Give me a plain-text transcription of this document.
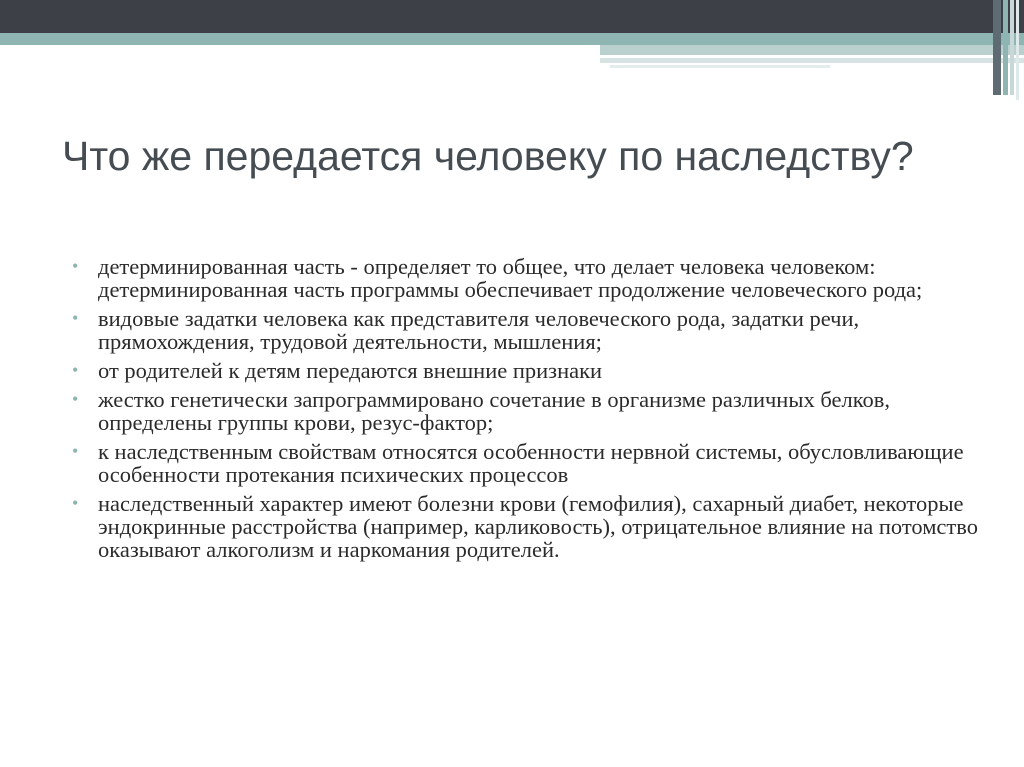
Что же передается человеку по наследству?
• детерминированная часть - определяет то общее, что делает человека человеком: детерминированная часть программы обеспечивает продолжение человеческого рода;
• видовые задатки человека как представителя человеческого рода, задатки речи, прямохождения, трудовой деятельности, мышления;
• от родителей к детям передаются внешние признаки
• жестко генетически запрограммировано сочетание в организме различных белков, определены группы крови, резус-фактор;
• к наследственным свойствам относятся особенности нервной системы, обусловливающие особенности протекания психических процессов
• наследственный характер имеют болезни крови (гемофилия), сахарный диабет, некоторые эндокринные расстройства (например, карликовость), отрицательное влияние на потомство оказывают алкоголизм и наркомания родителей.
